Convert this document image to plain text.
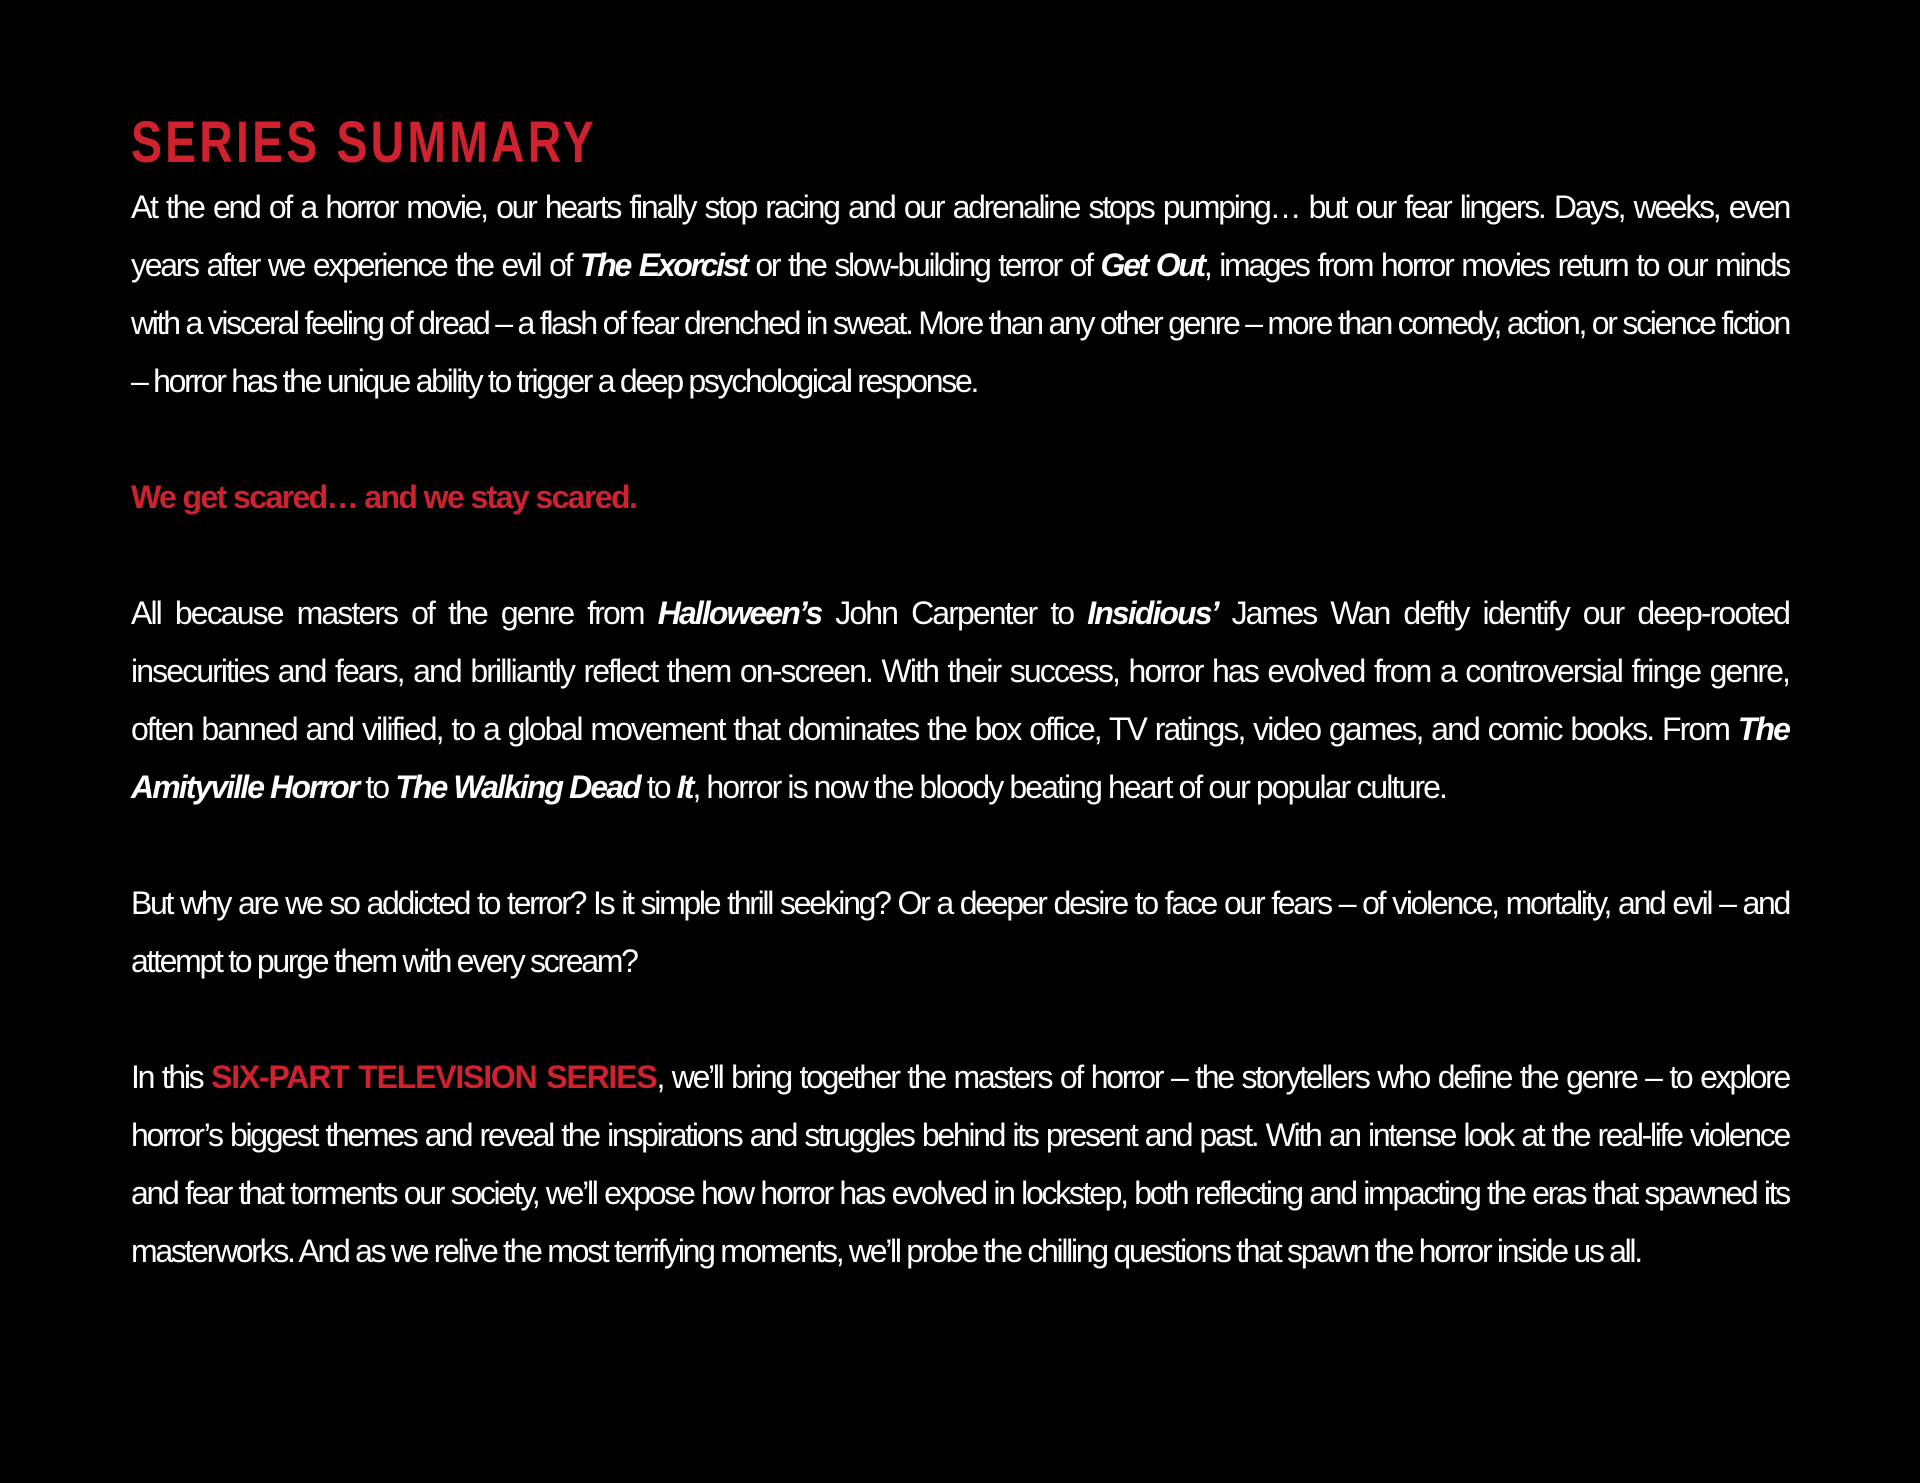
SERIES SUMMARY

At the end of a horror movie, our hearts finally stop racing and our adrenaline stops pumping… but our fear lingers. Days, weeks, even years after we experience the evil of The Exorcist or the slow-building terror of Get Out, images from horror movies return to our minds with a visceral feeling of dread – a flash of fear drenched in sweat. More than any other genre – more than comedy, action, or science fiction – horror has the unique ability to trigger a deep psychological response.

We get scared… and we stay scared.

All because masters of the genre from Halloween’s John Carpenter to Insidious’ James Wan deftly identify our deep-rooted insecurities and fears, and brilliantly reflect them on-screen. With their success, horror has evolved from a controversial fringe genre, often banned and vilified, to a global movement that dominates the box office, TV ratings, video games, and comic books. From The Amityville Horror to The Walking Dead to It, horror is now the bloody beating heart of our popular culture.

But why are we so addicted to terror? Is it simple thrill seeking? Or a deeper desire to face our fears – of violence, mortality, and evil – and attempt to purge them with every scream?

In this SIX-PART TELEVISION SERIES, we’ll bring together the masters of horror – the storytellers who define the genre – to explore horror’s biggest themes and reveal the inspirations and struggles behind its present and past. With an intense look at the real-life violence and fear that torments our society, we’ll expose how horror has evolved in lockstep, both reflecting and impacting the eras that spawned its masterworks. And as we relive the most terrifying moments, we’ll probe the chilling questions that spawn the horror inside us all.
